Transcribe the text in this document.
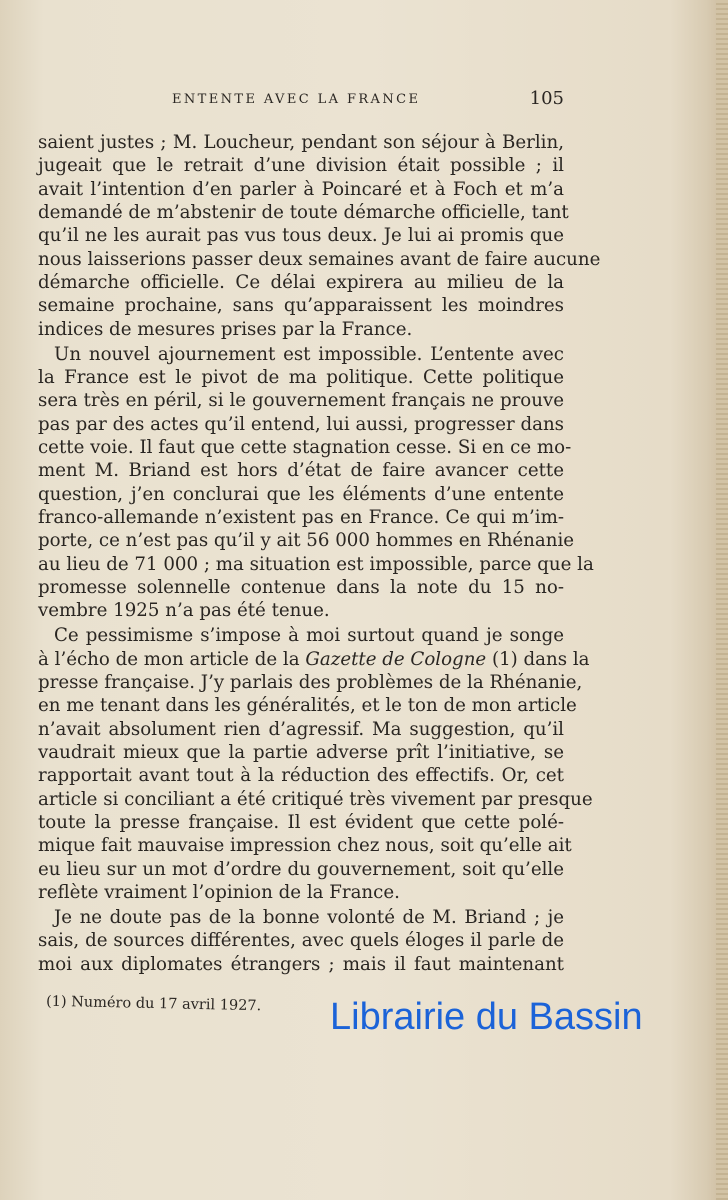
ENTENTE AVEC LA FRANCE	105
saient justes ; M. Loucheur, pendant son séjour à Berlin,
jugeait que le retrait d’une division était possible ; il
avait l’intention d’en parler à Poincaré et à Foch et m’a
demandé de m’abstenir de toute démarche officielle, tant
qu’il ne les aurait pas vus tous deux. Je lui ai promis que
nous laisserions passer deux semaines avant de faire aucune
démarche officielle. Ce délai expirera au milieu de la
semaine prochaine, sans qu’apparaissent les moindres
indices de mesures prises par la France.
Un nouvel ajournement est impossible. L’entente avec
la France est le pivot de ma politique. Cette politique
sera très en péril, si le gouvernement français ne prouve
pas par des actes qu’il entend, lui aussi, progresser dans
cette voie. Il faut que cette stagnation cesse. Si en ce mo-
ment M. Briand est hors d’état de faire avancer cette
question, j’en conclurai que les éléments d’une entente
franco-allemande n’existent pas en France. Ce qui m’im-
porte, ce n’est pas qu’il y ait 56 000 hommes en Rhénanie
au lieu de 71 000 ; ma situation est impossible, parce que la
promesse solennelle contenue dans la note du 15 no-
vembre 1925 n’a pas été tenue.
Ce pessimisme s’impose à moi surtout quand je songe
à l’écho de mon article de la Gazette de Cologne (1) dans la
presse française. J’y parlais des problèmes de la Rhénanie,
en me tenant dans les généralités, et le ton de mon article
n’avait absolument rien d’agressif. Ma suggestion, qu’il
vaudrait mieux que la partie adverse prît l’initiative, se
rapportait avant tout à la réduction des effectifs. Or, cet
article si conciliant a été critiqué très vivement par presque
toute la presse française. Il est évident que cette polé-
mique fait mauvaise impression chez nous, soit qu’elle ait
eu lieu sur un mot d’ordre du gouvernement, soit qu’elle
reflète vraiment l’opinion de la France.
Je ne doute pas de la bonne volonté de M. Briand ; je
sais, de sources différentes, avec quels éloges il parle de
moi aux diplomates étrangers ; mais il faut maintenant
(1) Numéro du 17 avril 1927. Librairie du Bassin
